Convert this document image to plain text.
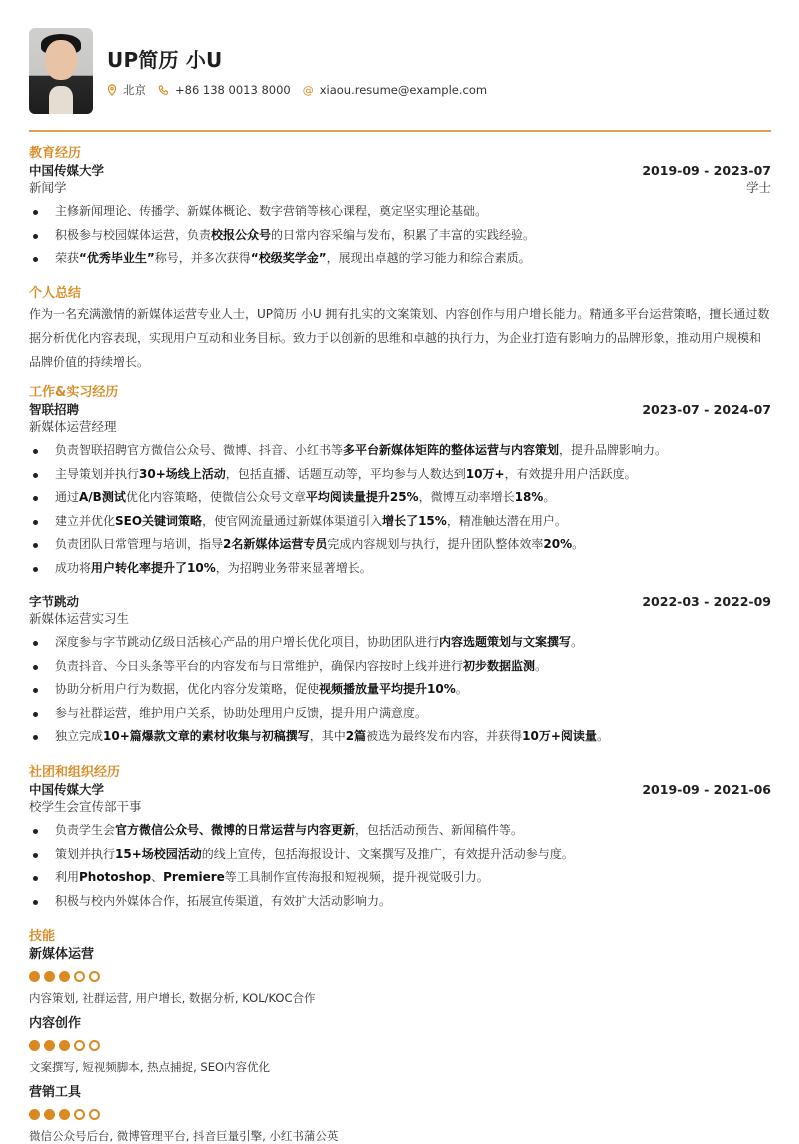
UP简历 小U
北京	+86 138 0013 8000 @ xiaou.resume@example.com
教育经历
中国传媒大学	2019-09 - 2023-07
新闻学	学士
主修新闻理论、传播学、新媒体概论、数字营销等核心课程，奠定坚实理论基础。
积极参与校园媒体运营，负责校报公众号的日常内容采编与发布，积累了丰富的实践经验。
荣获“优秀毕业生”称号，并多次获得“校级奖学金”，展现出卓越的学习能力和综合素质。
个人总结
作为一名充满激情的新媒体运营专业人士，UP简历 小U 拥有扎实的文案策划、内容创作与用户增长能力。精通多平台运营策略，擅长通过数据分析优化内容表现，实现用户互动和业务目标。致力于以创新的思维和卓越的执行力，为企业打造有影响力的品牌形象，推动用户规模和品牌价值的持续增长。
工作&实习经历
智联招聘	2023-07 - 2024-07
新媒体运营经理
负责智联招聘官方微信公众号、微博、抖音、小红书等多平台新媒体矩阵的整体运营与内容策划，提升品牌影响力。
主导策划并执行30+场线上活动，包括直播、话题互动等，平均参与人数达到10万+，有效提升用户活跃度。
通过A/B测试优化内容策略，使微信公众号文章平均阅读量提升25%，微博互动率增长18%。
建立并优化SEO关键词策略，使官网流量通过新媒体渠道引入增长了15%，精准触达潜在用户。
负责团队日常管理与培训，指导2名新媒体运营专员完成内容规划与执行，提升团队整体效率20%。
成功将用户转化率提升了10%，为招聘业务带来显著增长。
字节跳动	2022-03 - 2022-09
新媒体运营实习生
深度参与字节跳动亿级日活核心产品的用户增长优化项目，协助团队进行内容选题策划与文案撰写。
负责抖音、今日头条等平台的内容发布与日常维护，确保内容按时上线并进行初步数据监测。
协助分析用户行为数据，优化内容分发策略，促使视频播放量平均提升10%。
参与社群运营，维护用户关系，协助处理用户反馈，提升用户满意度。
独立完成10+篇爆款文章的素材收集与初稿撰写，其中2篇被选为最终发布内容，并获得10万+阅读量。
社团和组织经历
中国传媒大学	2019-09 - 2021-06
校学生会宣传部干事
负责学生会官方微信公众号、微博的日常运营与内容更新，包括活动预告、新闻稿件等。
策划并执行15+场校园活动的线上宣传，包括海报设计、文案撰写及推广，有效提升活动参与度。
利用Photoshop、Premiere等工具制作宣传海报和短视频，提升视觉吸引力。
积极与校内外媒体合作，拓展宣传渠道，有效扩大活动影响力。
技能
新媒体运营
内容策划, 社群运营, 用户增长, 数据分析, KOL/KOC合作
内容创作
文案撰写, 短视频脚本, 热点捕捉, SEO内容优化
营销工具
微信公众号后台, 微博管理平台, 抖音巨量引擎, 小红书蒲公英
